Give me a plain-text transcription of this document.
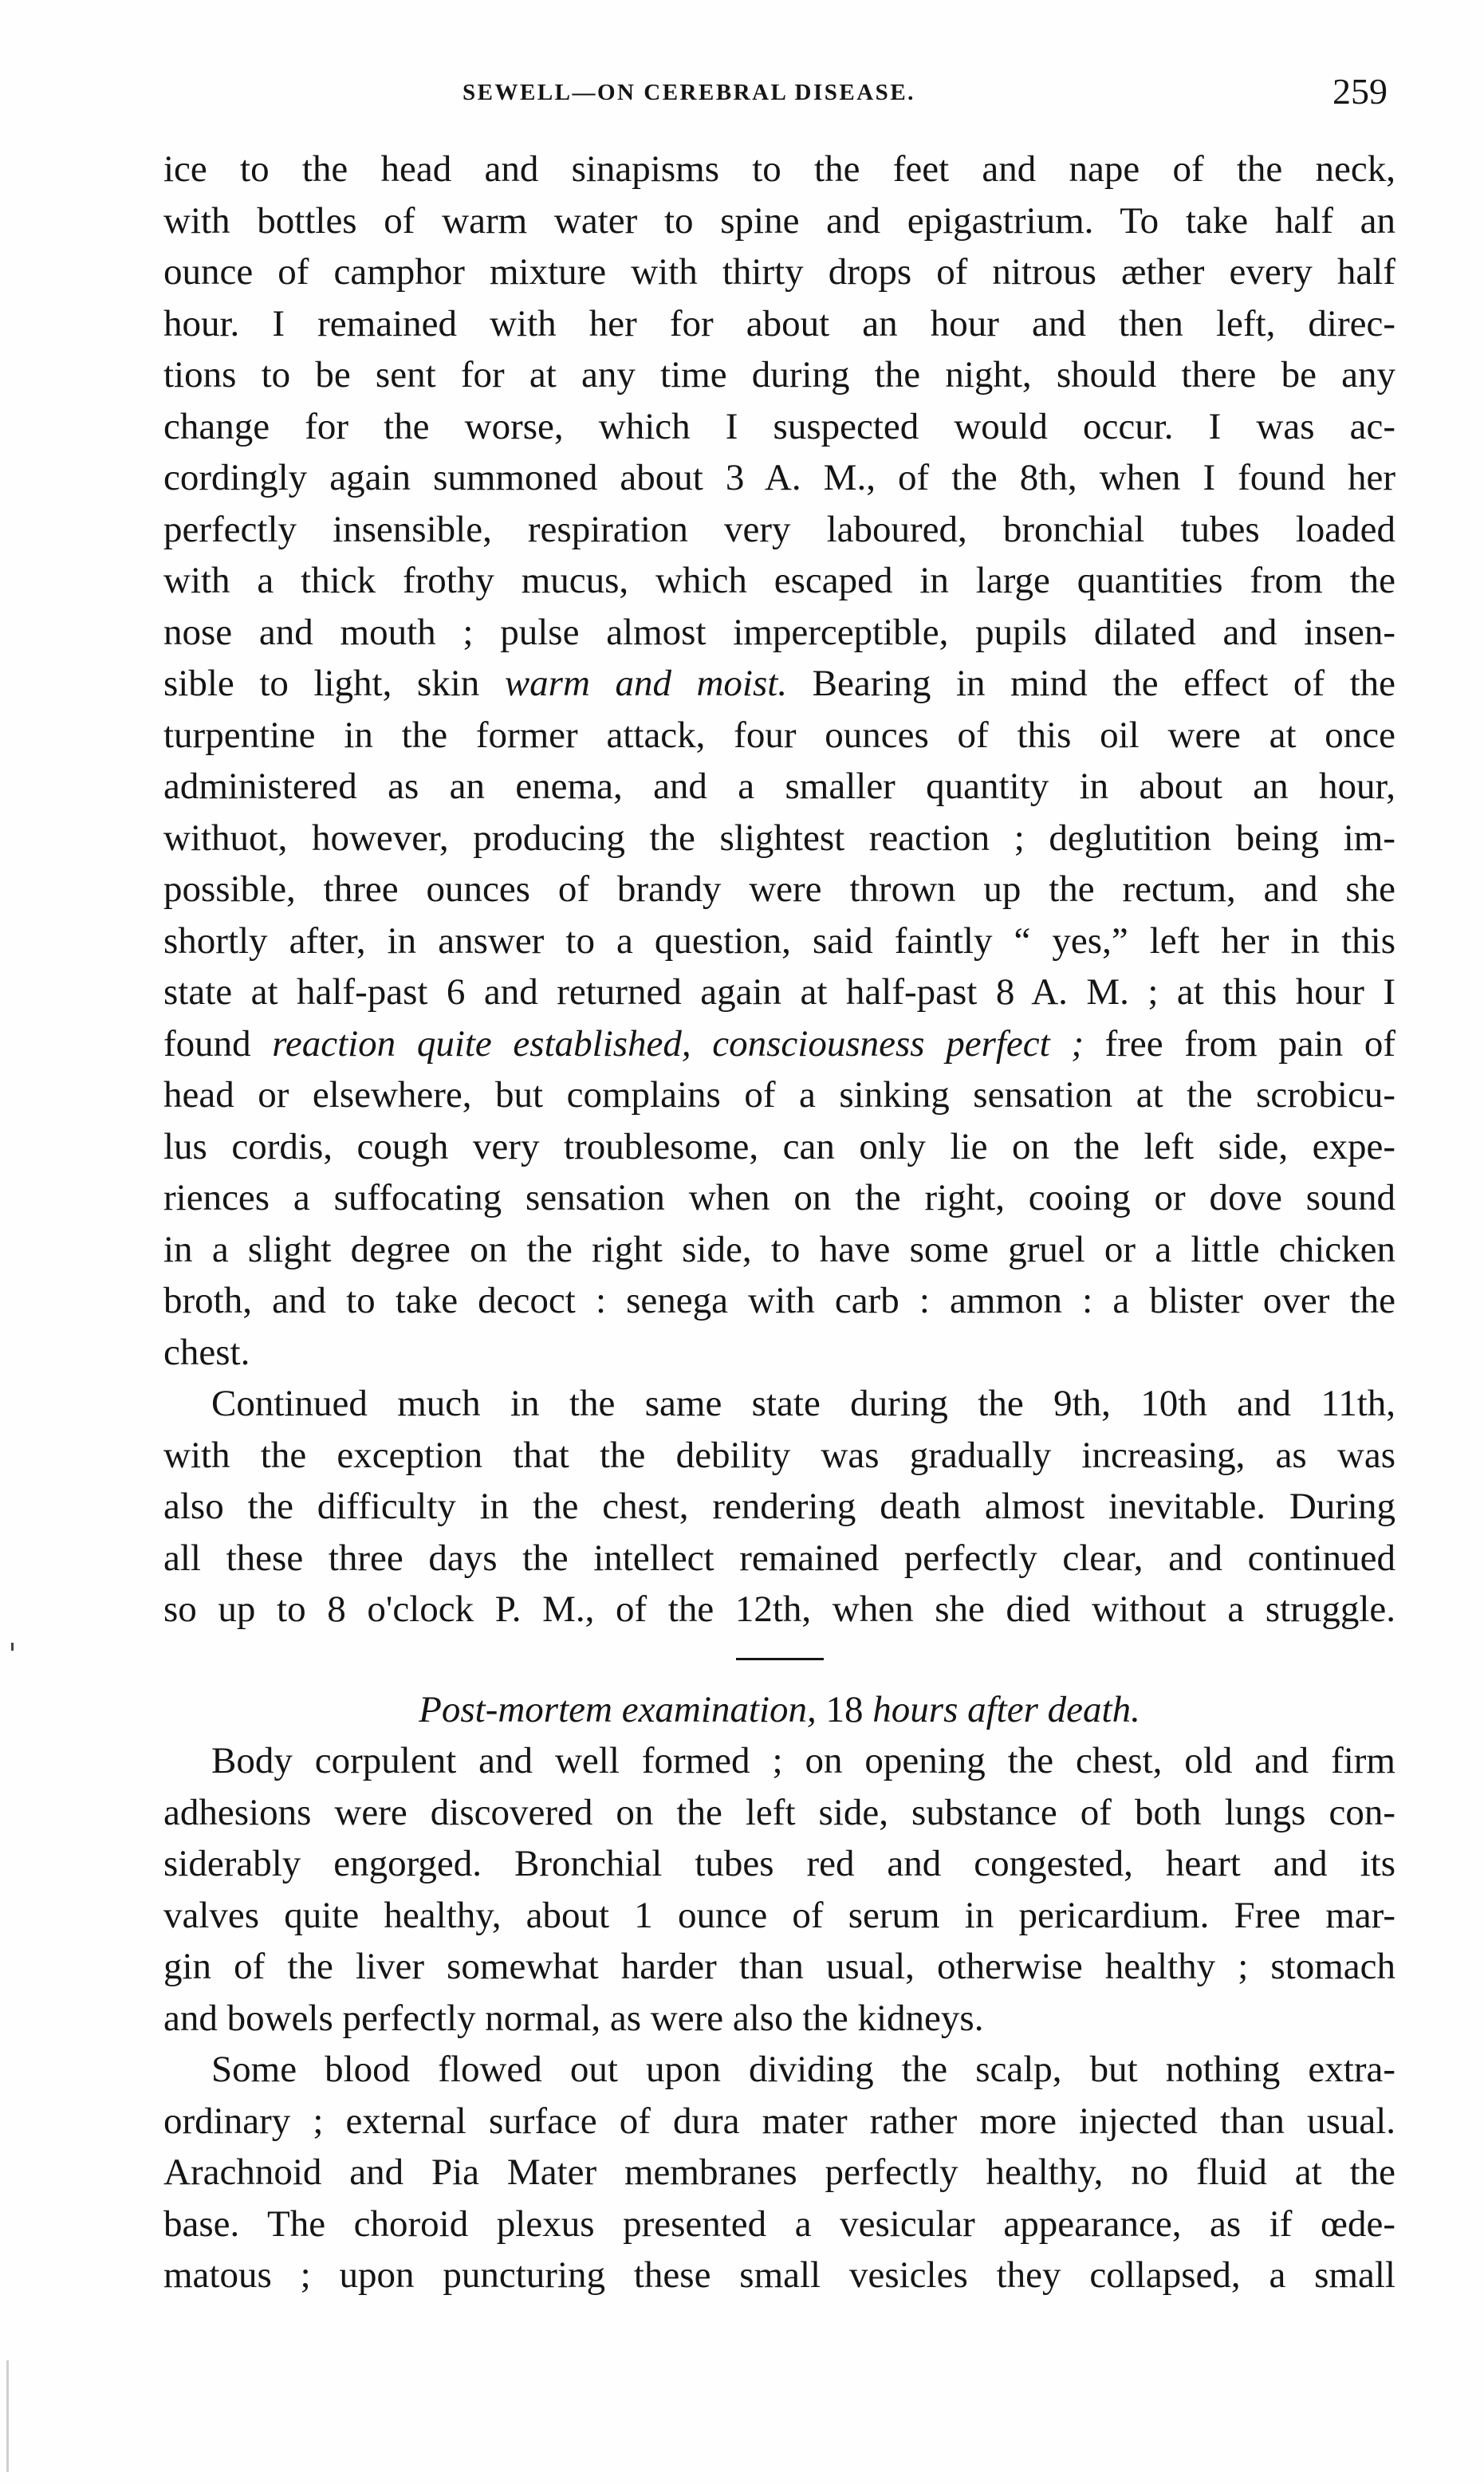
SEWELL—ON CEREBRAL DISEASE.	259
ice to the head and sinapisms to the feet and nape of the neck,
with bottles of warm water to spine and epigastrium. To take half an
ounce of camphor mixture with thirty drops of nitrous æther every half
hour. I remained with her for about an hour and then left, direc-
tions to be sent for at any time during the night, should there be any
change for the worse, which I suspected would occur. I was ac-
cordingly again summoned about 3 A. M., of the 8th, when I found her
perfectly insensible, respiration very laboured, bronchial tubes loaded
with a thick frothy mucus, which escaped in large quantities from the
nose and mouth ; pulse almost imperceptible, pupils dilated and insen-
sible to light, skin warm and moist. Bearing in mind the effect of the
turpentine in the former attack, four ounces of this oil were at once
administered as an enema, and a smaller quantity in about an hour,
withuot, however, producing the slightest reaction ; deglutition being im-
possible, three ounces of brandy were thrown up the rectum, and she
shortly after, in answer to a question, said faintly “ yes,” left her in this
state at half-past 6 and returned again at half-past 8 A. M. ; at this hour I
found reaction quite established, consciousness perfect ; free from pain of
head or elsewhere, but complains of a sinking sensation at the scrobicu-
lus cordis, cough very troublesome, can only lie on the left side, expe-
riences a suffocating sensation when on the right, cooing or dove sound
in a slight degree on the right side, to have some gruel or a little chicken
broth, and to take decoct : senega with carb : ammon : a blister over the
chest.
Continued much in the same state during the 9th, 10th and 11th,
with the exception that the debility was gradually increasing, as was
also the difficulty in the chest, rendering death almost inevitable. During
all these three days the intellect remained perfectly clear, and continued
so up to 8 o'clock P. M., of the 12th, when she died without a struggle.
Post-mortem examination, 18 hours after death.
Body corpulent and well formed ; on opening the chest, old and firm
adhesions were discovered on the left side, substance of both lungs con-
siderably engorged. Bronchial tubes red and congested, heart and its
valves quite healthy, about 1 ounce of serum in pericardium. Free mar-
gin of the liver somewhat harder than usual, otherwise healthy ; stomach
and bowels perfectly normal, as were also the kidneys.
Some blood flowed out upon dividing the scalp, but nothing extra-
ordinary ; external surface of dura mater rather more injected than usual.
Arachnoid and Pia Mater membranes perfectly healthy, no fluid at the
base. The choroid plexus presented a vesicular appearance, as if œde-
matous ; upon puncturing these small vesicles they collapsed, a small
